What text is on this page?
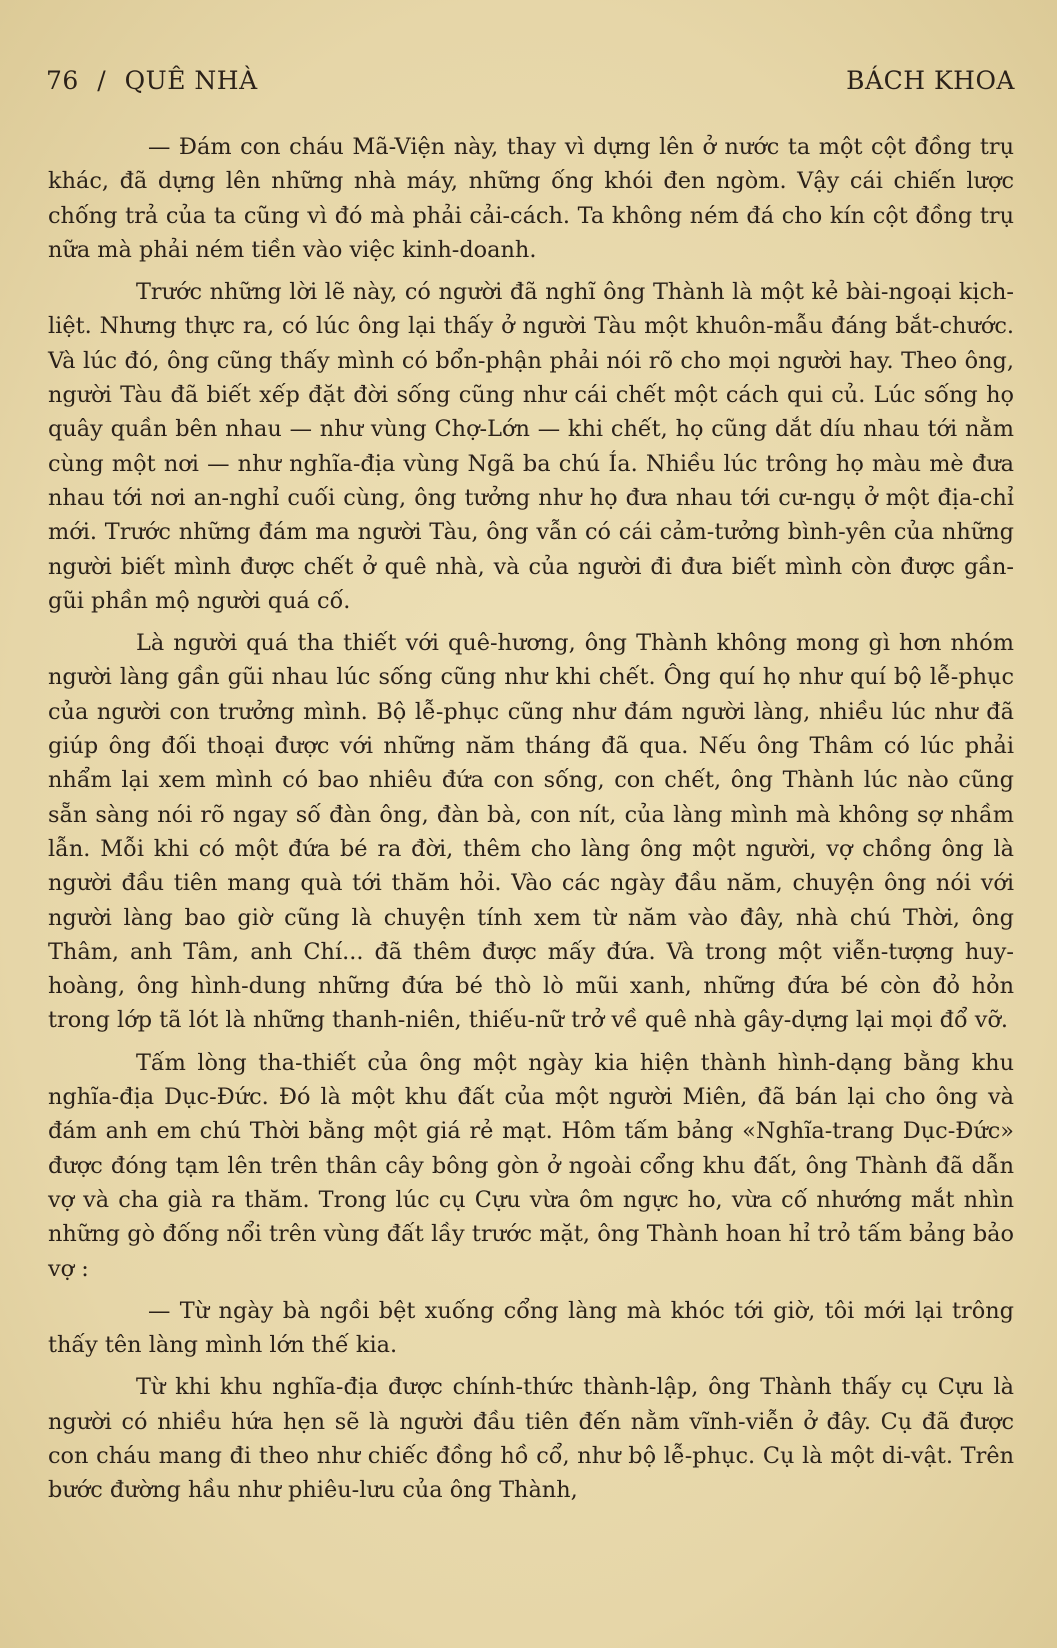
76 / QUÊ NHÀ	BÁCH KHOA

— Đám con cháu Mã-Viện này, thay vì dựng lên ở nước ta một cột đồng trụ khác, đã dựng lên những nhà máy, những ống khói đen ngòm. Vậy cái chiến lược chống trả của ta cũng vì đó mà phải cải-cách. Ta không ném đá cho kín cột đồng trụ nữa mà phải ném tiền vào việc kinh-doanh.

Trước những lời lẽ này, có người đã nghĩ ông Thành là một kẻ bài-ngoại kịch-liệt. Nhưng thực ra, có lúc ông lại thấy ở người Tàu một khuôn-mẫu đáng bắt-chước. Và lúc đó, ông cũng thấy mình có bổn-phận phải nói rõ cho mọi người hay. Theo ông, người Tàu đã biết xếp đặt đời sống cũng như cái chết một cách qui củ. Lúc sống họ quây quần bên nhau — như vùng Chợ-Lớn — khi chết, họ cũng dắt díu nhau tới nằm cùng một nơi — như nghĩa-địa vùng Ngã ba chú Ía. Nhiều lúc trông họ màu mè đưa nhau tới nơi an-nghỉ cuối cùng, ông tưởng như họ đưa nhau tới cư-ngụ ở một địa-chỉ mới. Trước những đám ma người Tàu, ông vẫn có cái cảm-tưởng bình-yên của những người biết mình được chết ở quê nhà, và của người đi đưa biết mình còn được gần-gũi phần mộ người quá cố.

Là người quá tha thiết với quê-hương, ông Thành không mong gì hơn nhóm người làng gần gũi nhau lúc sống cũng như khi chết. Ông quí họ như quí bộ lễ-phục của người con trưởng mình. Bộ lễ-phục cũng như đám người làng, nhiều lúc như đã giúp ông đối thoại được với những năm tháng đã qua. Nếu ông Thâm có lúc phải nhẩm lại xem mình có bao nhiêu đứa con sống, con chết, ông Thành lúc nào cũng sẵn sàng nói rõ ngay số đàn ông, đàn bà, con nít, của làng mình mà không sợ nhầm lẫn. Mỗi khi có một đứa bé ra đời, thêm cho làng ông một người, vợ chồng ông là người đầu tiên mang quà tới thăm hỏi. Vào các ngày đầu năm, chuyện ông nói với người làng bao giờ cũng là chuyện tính xem từ năm vào đây, nhà chú Thời, ông Thâm, anh Tâm, anh Chí... đã thêm được mấy đứa. Và trong một viễn-tượng huy-hoàng, ông hình-dung những đứa bé thò lò mũi xanh, những đứa bé còn đỏ hỏn trong lớp tã lót là những thanh-niên, thiếu-nữ trở về quê nhà gây-dựng lại mọi đổ vỡ.

Tấm lòng tha-thiết của ông một ngày kia hiện thành hình-dạng bằng khu nghĩa-địa Dục-Đức. Đó là một khu đất của một người Miên, đã bán lại cho ông và đám anh em chú Thời bằng một giá rẻ mạt. Hôm tấm bảng «Nghĩa-trang Dục-Đức» được đóng tạm lên trên thân cây bông gòn ở ngoài cổng khu đất, ông Thành đã dẫn vợ và cha già ra thăm. Trong lúc cụ Cựu vừa ôm ngực ho, vừa cố nhướng mắt nhìn những gò đống nổi trên vùng đất lầy trước mặt, ông Thành hoan hỉ trỏ tấm bảng bảo vợ :

— Từ ngày bà ngồi bệt xuống cổng làng mà khóc tới giờ, tôi mới lại trông thấy tên làng mình lớn thế kia.

Từ khi khu nghĩa-địa được chính-thức thành-lập, ông Thành thấy cụ Cựu là người có nhiều hứa hẹn sẽ là người đầu tiên đến nằm vĩnh-viễn ở đây. Cụ đã được con cháu mang đi theo như chiếc đồng hồ cổ, như bộ lễ-phục. Cụ là một di-vật. Trên bước đường hầu như phiêu-lưu của ông Thành,
